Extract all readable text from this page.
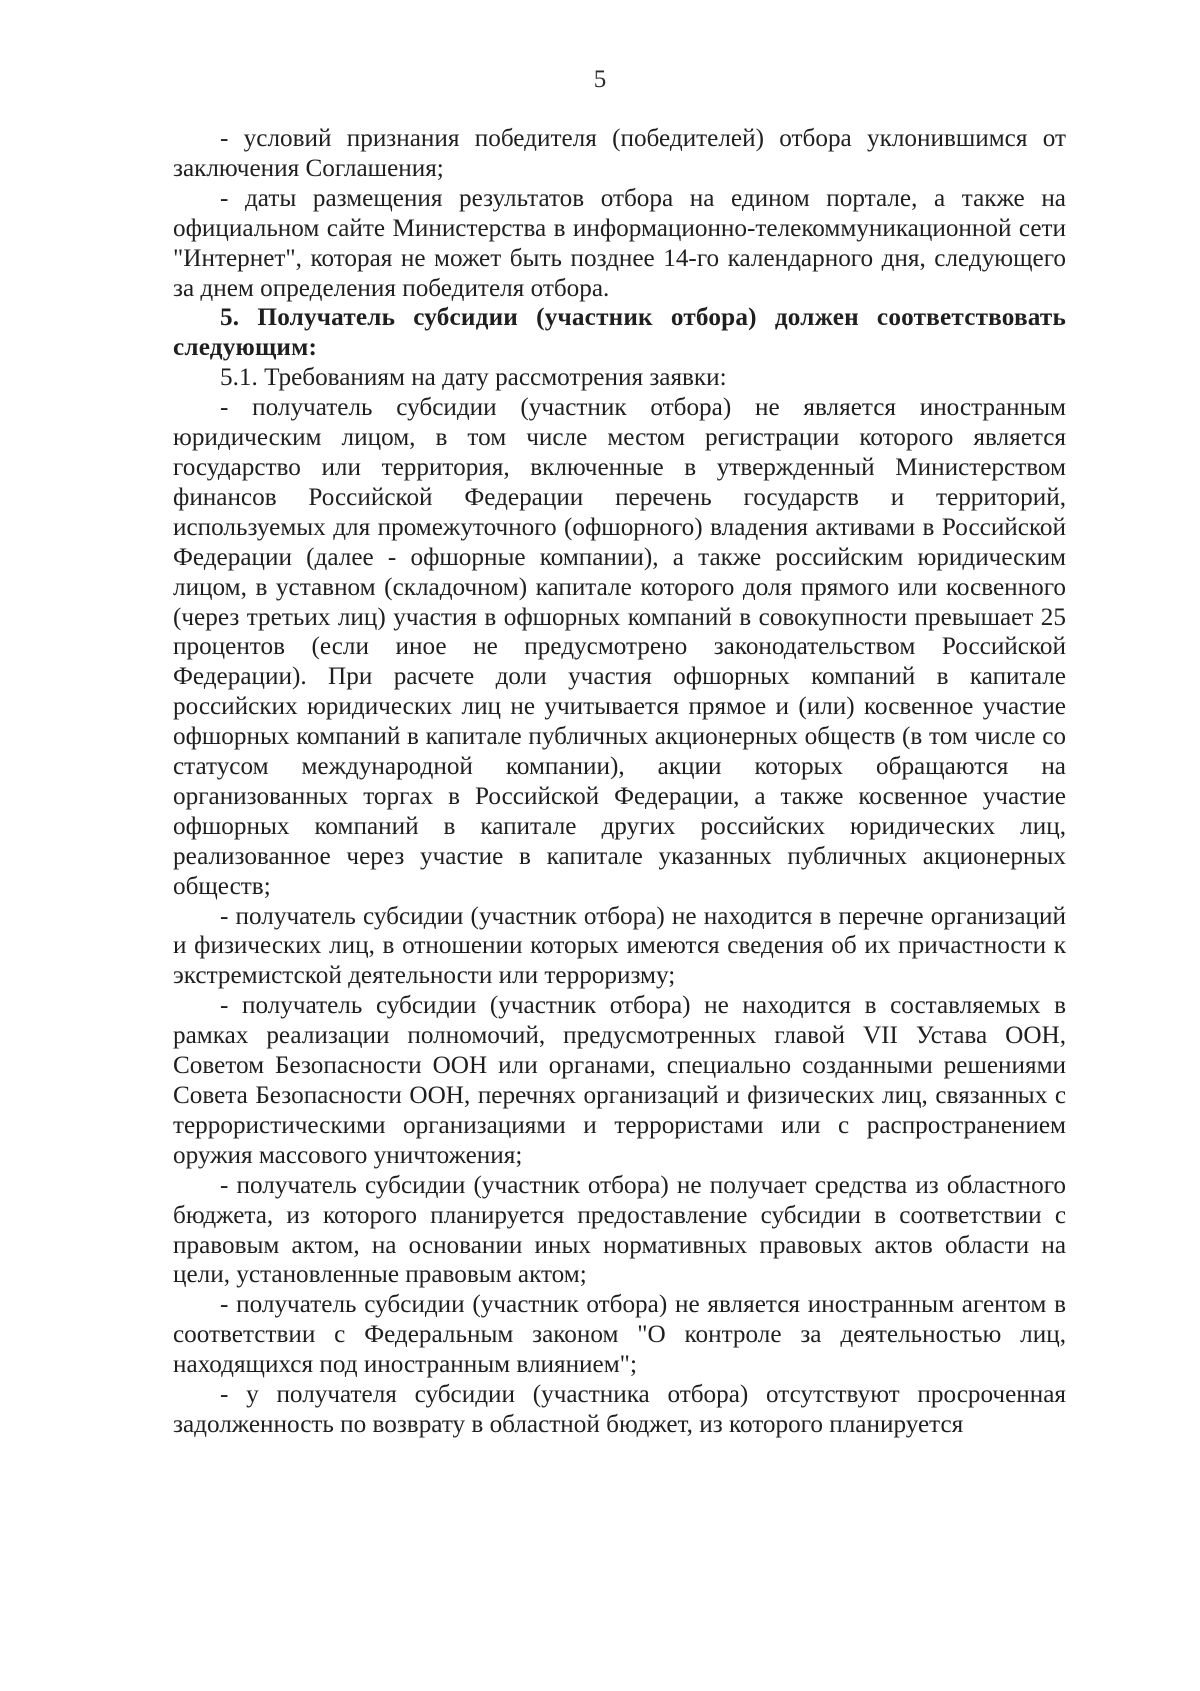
5

- условий признания победителя (победителей) отбора уклонившимся от заключения Соглашения;

- даты размещения результатов отбора на едином портале, а также на официальном сайте Министерства в информационно-телекоммуникационной сети "Интернет", которая не может быть позднее 14-го календарного дня, следующего за днем определения победителя отбора.

5. Получатель субсидии (участник отбора) должен соответствовать следующим:

5.1. Требованиям на дату рассмотрения заявки:

- получатель субсидии (участник отбора) не является иностранным юридическим лицом, в том числе местом регистрации которого является государство или территория, включенные в утвержденный Министерством финансов Российской Федерации перечень государств и территорий, используемых для промежуточного (офшорного) владения активами в Российской Федерации (далее - офшорные компании), а также российским юридическим лицом, в уставном (складочном) капитале которого доля прямого или косвенного (через третьих лиц) участия в офшорных компаний в совокупности превышает 25 процентов (если иное не предусмотрено законодательством Российской Федерации). При расчете доли участия офшорных компаний в капитале российских юридических лиц не учитывается прямое и (или) косвенное участие офшорных компаний в капитале публичных акционерных обществ (в том числе со статусом международной компании), акции которых обращаются на организованных торгах в Российской Федерации, а также косвенное участие офшорных компаний в капитале других российских юридических лиц, реализованное через участие в капитале указанных публичных акционерных обществ;

- получатель субсидии (участник отбора) не находится в перечне организаций и физических лиц, в отношении которых имеются сведения об их причастности к экстремистской деятельности или терроризму;

- получатель субсидии (участник отбора) не находится в составляемых в рамках реализации полномочий, предусмотренных главой VII Устава ООН, Советом Безопасности ООН или органами, специально созданными решениями Совета Безопасности ООН, перечнях организаций и физических лиц, связанных с террористическими организациями и террористами или с распространением оружия массового уничтожения;

- получатель субсидии (участник отбора) не получает средства из областного бюджета, из которого планируется предоставление субсидии в соответствии с правовым актом, на основании иных нормативных правовых актов области на цели, установленные правовым актом;

- получатель субсидии (участник отбора) не является иностранным агентом в соответствии с Федеральным законом "О контроле за деятельностью лиц, находящихся под иностранным влиянием";

- у получателя субсидии (участника отбора) отсутствуют просроченная задолженность по возврату в областной бюджет, из которого планируется
